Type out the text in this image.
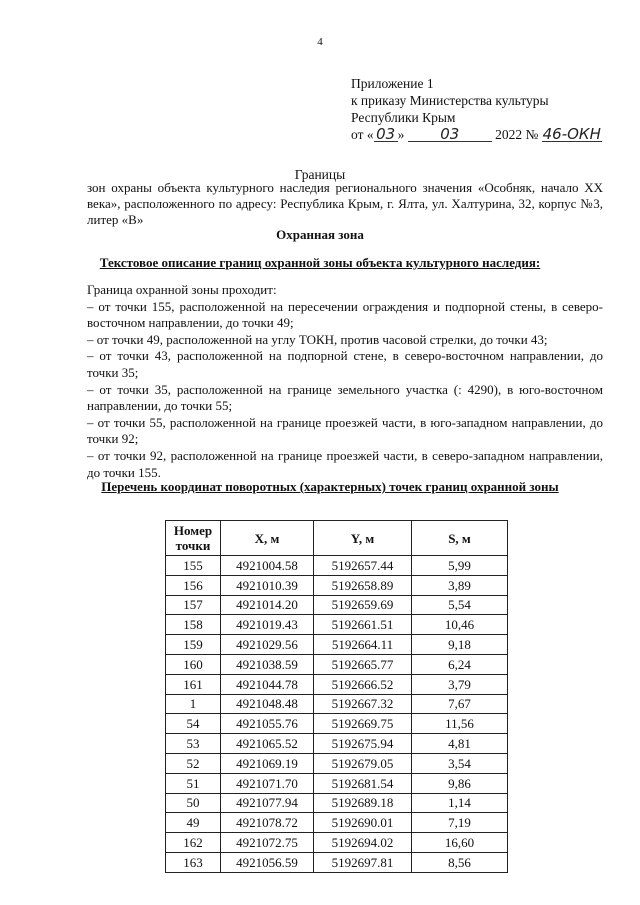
4
Приложение 1
к приказу Министерства культуры
Республики Крым
от « 03 » 03	2022 № 46-ОКН
Границы
зон охраны объекта культурного наследия регионального значения «Особняк, начало XX века», расположенного по адресу: Республика Крым, г. Ялта, ул. Халтурина, 32, корпус №3, литер «В»
Охранная зона
Текстовое описание границ охранной зоны объекта культурного наследия:

Граница охранной зоны проходит:

– от точки 155, расположенной на пересечении ограждения и подпорной стены, в северо-восточном направлении, до точки 49;

– от точки 49, расположенной на углу ТОКН, против часовой стрелки, до точки 43;

– от точки 43, расположенной на подпорной стене, в северо-восточном направлении, до точки 35;

– от точки 35, расположенной на границе земельного участка (: 4290), в юго-восточном направлении, до точки 55;

– от точки 55, расположенной на границе проезжей части, в юго-западном направлении, до точки 92;

– от точки 92, расположенной на границе проезжей части, в северо-западном направлении, до точки 155.

Перечень координат поворотных (характерных) точек границ охранной зоны
Номер точки	X, м	Y, м	S, м
155	4921004.58	5192657.44	5,99
156	4921010.39	5192658.89	3,89
157	4921014.20	5192659.69	5,54
158	4921019.43	5192661.51	10,46
159	4921029.56	5192664.11	9,18
160	4921038.59	5192665.77	6,24
161	4921044.78	5192666.52	3,79
1	4921048.48	5192667.32	7,67
54	4921055.76	5192669.75	11,56
53	4921065.52	5192675.94	4,81
52	4921069.19	5192679.05	3,54
51	4921071.70	5192681.54	9,86
50	4921077.94	5192689.18	1,14
49	4921078.72	5192690.01	7,19
162	4921072.75	5192694.02	16,60
163	4921056.59	5192697.81	8,56
